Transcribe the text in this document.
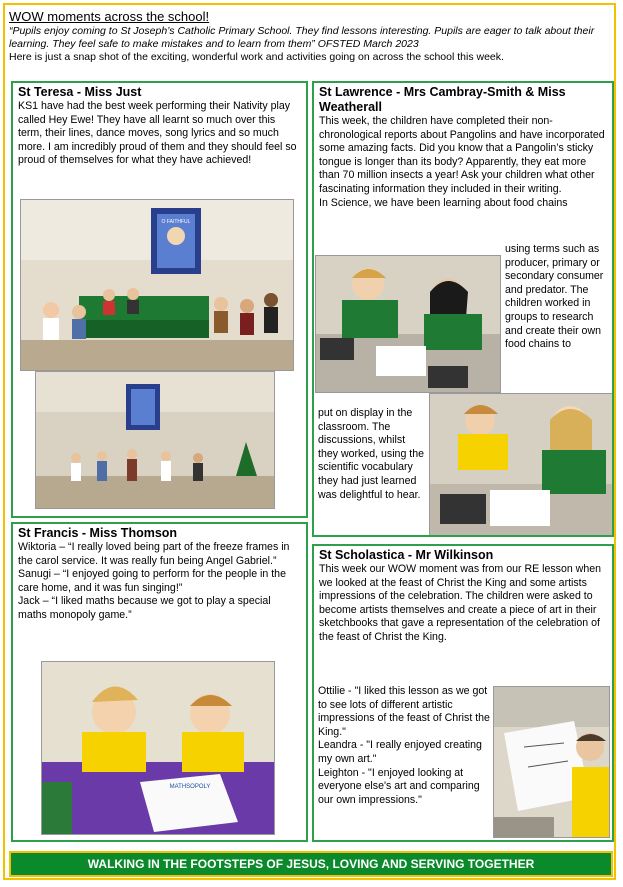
WOW moments across the school!
“Pupils enjoy coming to St Joseph’s Catholic Primary School. They find lessons interesting. Pupils are eager to talk about their learning. They feel safe to make mistakes and to learn from them” OFSTED March 2023
Here is just a snap shot of the exciting, wonderful work and activities going on across the school this week.
St Teresa - Miss Just
KS1 have had the best week performing their Nativity play called Hey Ewe! They have all learnt so much over this term, their lines, dance moves, song lyrics and so much more. I am incredibly proud of them and they should feel so proud of themselves for what they have achieved!
O FAITHFUL
St Francis - Miss Thomson
Wiktoria – “I really loved being part of the freeze frames in the carol service. It was really fun being Angel Gabriel.”
Sanugi – “I enjoyed going to perform for the people in the care home, and it was fun singing!”
Jack – “I liked maths because we got to play a special maths monopoly game.”
MATHSOPOLY
St Lawrence - Mrs Cambray-Smith & Miss Weatherall
This week, the children have completed their non-chronological reports about Pangolins and have incorporated some amazing facts. Did you know that a Pangolin’s sticky tongue is longer than its body? Apparently, they eat more than 70 million insects a year! Ask your children what other fascinating information they included in their writing.
In Science, we have been learning about food chains
using terms such as producer, primary or secondary consumer and predator. The children worked in groups to research and create their own food chains to
put on display in the classroom. The discussions, whilst they worked, using the scientific vocabulary they had just learned was delightful to hear.
St Scholastica - Mr Wilkinson
This week our WOW moment was from our RE lesson when we looked at the feast of Christ the King and some artists impressions of the celebration. The children were asked to become artists themselves and create a piece of art in their sketchbooks that gave a representation of the celebration of the feast of Christ the King.
Ottilie - "I liked this lesson as we got to see lots of different artistic impressions of the feast of Christ the King."
Leandra - "I really enjoyed creating my own art."
Leighton - "I enjoyed looking at everyone else's art and comparing our own impressions."
WALKING IN THE FOOTSTEPS OF JESUS, LOVING AND SERVING TOGETHER
